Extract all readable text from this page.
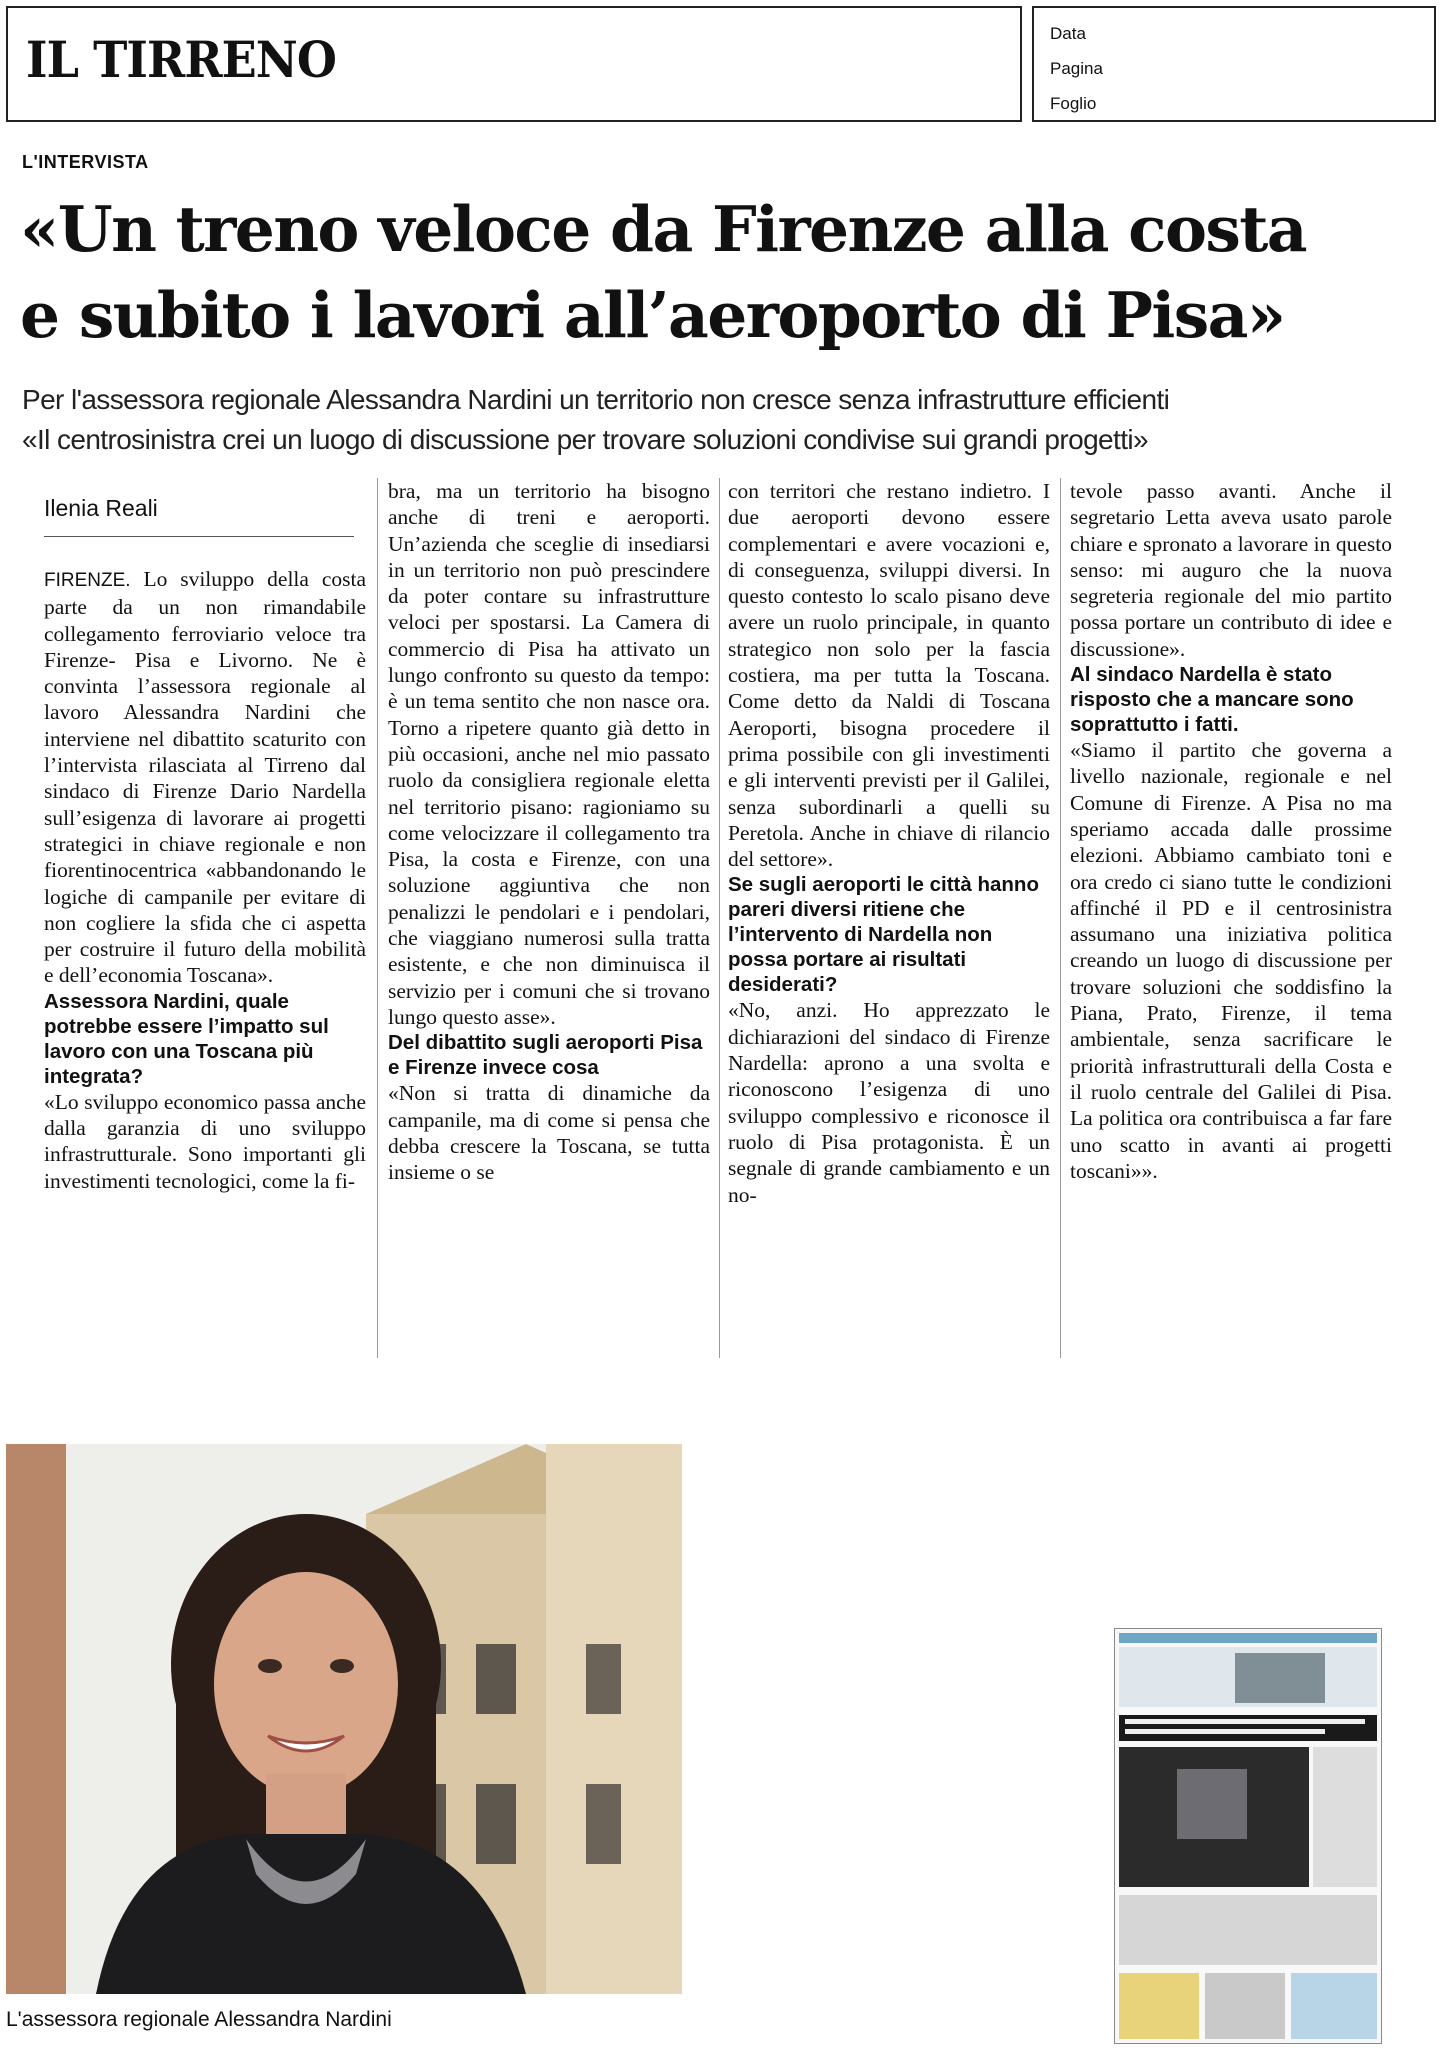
IL TIRRENO	Data
Pagina
Foglio
L'INTERVISTA
«Un treno veloce da Firenze alla costa
e subito i lavori all’aeroporto di Pisa»
Per l'assessora regionale Alessandra Nardini un territorio non cresce senza infrastrutture efficienti
«Il centrosinistra crei un luogo di discussione per trovare soluzioni condivise sui grandi progetti»
Ilenia Reali

FIRENZE. Lo sviluppo della costa parte da un non rimandabile collegamento ferroviario veloce tra Firenze- Pisa e Livorno. Ne è convinta l’assessora regionale al lavoro Alessandra Nardini che interviene nel dibattito scaturito con l’intervista rilasciata al Tirreno dal sindaco di Firenze Dario Nardella sull’esigenza di lavorare ai progetti strategici in chiave regionale e non fiorentinocentrica «abbandonando le logiche di campanile per evitare di non cogliere la sfida che ci aspetta per costruire il futuro della mobilità e dell’economia Toscana».

Assessora Nardini, quale potrebbe essere l’impatto sul lavoro con una Toscana più integrata?

«Lo sviluppo economico passa anche dalla garanzia di uno sviluppo infrastrutturale. Sono importanti gli investimenti tecnologici, come la fi-

bra, ma un territorio ha bisogno anche di treni e aeroporti. Un’azienda che sceglie di insediarsi in un territorio non può prescindere da poter contare su infrastrutture veloci per spostarsi. La Camera di commercio di Pisa ha attivato un lungo confronto su questo da tempo: è un tema sentito che non nasce ora. Torno a ripetere quanto già detto in più occasioni, anche nel mio passato ruolo da consigliera regionale eletta nel territorio pisano: ragioniamo su come velocizzare il collegamento tra Pisa, la costa e Firenze, con una soluzione aggiuntiva che non penalizzi le pendolari e i pendolari, che viaggiano numerosi sulla tratta esistente, e che non diminuisca il servizio per i comuni che si trovano lungo questo asse».

Del dibattito sugli aeroporti Pisa e Firenze invece cosa

«Non si tratta di dinamiche da campanile, ma di come si pensa che debba crescere la Toscana, se tutta insieme o se

con territori che restano indietro. I due aeroporti devono essere complementari e avere vocazioni e, di conseguenza, sviluppi diversi. In questo contesto lo scalo pisano deve avere un ruolo principale, in quanto strategico non solo per la fascia costiera, ma per tutta la Toscana. Come detto da Naldi di Toscana Aeroporti, bisogna procedere il prima possibile con gli investimenti e gli interventi previsti per il Galilei, senza subordinarli a quelli su Peretola. Anche in chiave di rilancio del settore».

Se sugli aeroporti le città hanno pareri diversi ritiene che l’intervento di Nardella non possa portare ai risultati desiderati?

«No, anzi. Ho apprezzato le dichiarazioni del sindaco di Firenze Nardella: aprono a una svolta e riconoscono l’esigenza di uno sviluppo complessivo e riconosce il ruolo di Pisa protagonista. È un segnale di grande cambiamento e un no-

tevole passo avanti. Anche il segretario Letta aveva usato parole chiare e spronato a lavorare in questo senso: mi auguro che la nuova segreteria regionale del mio partito possa portare un contributo di idee e discussione».

Al sindaco Nardella è stato risposto che a mancare sono soprattutto i fatti.

«Siamo il partito che governa a livello nazionale, regionale e nel Comune di Firenze. A Pisa no ma speriamo accada dalle prossime elezioni. Abbiamo cambiato toni e ora credo ci siano tutte le condizioni affinché il PD e il centrosinistra assumano una iniziativa politica creando un luogo di discussione per trovare soluzioni che soddisfino la Piana, Prato, Firenze, il tema ambientale, senza sacrificare le priorità infrastrutturali della Costa e il ruolo centrale del Galilei di Pisa. La politica ora contribuisca a far fare uno scatto in avanti ai progetti toscani»».

L'assessora regionale Alessandra Nardini
